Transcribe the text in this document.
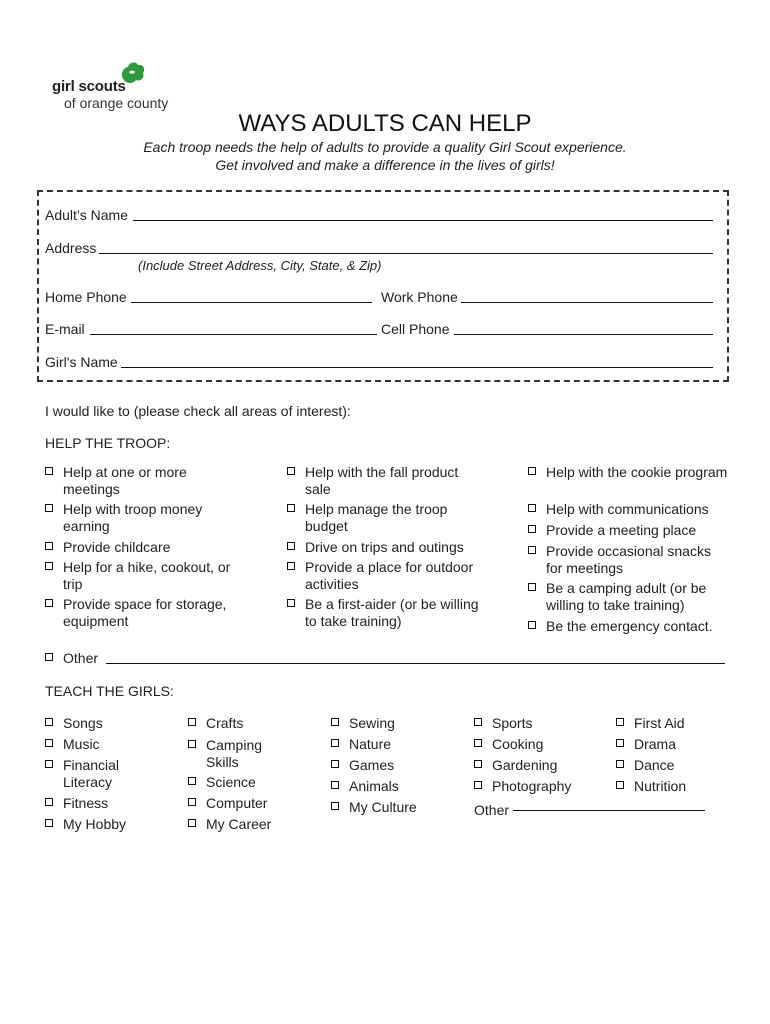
girl scouts
of orange county
WAYS ADULTS CAN HELP
Each troop needs the help of adults to provide a quality Girl Scout experience.
Get involved and make a difference in the lives of girls!
Adult’s Name
Address
(Include Street Address, City, State, & Zip)
Home Phone	Work Phone
E-mail	Cell Phone
Girl's Name
I would like to (please check all areas of interest):
HELP THE TROOP:
Help at one or more meetings
Help with troop money earning
Provide childcare
Help for a hike, cookout, or trip
Provide space for storage, equipment
Help with the fall product sale
Help manage the troop budget
Drive on trips and outings
Provide a place for outdoor activities
Be a first-aider (or be willing to take training)
Help with the cookie program
Help with communications
Provide a meeting place
Provide occasional snacks for meetings
Be a camping adult (or be willing to take training)
Be the emergency contact.
Other
TEACH THE GIRLS:
Songs
Music
Financial Literacy
Fitness
My Hobby
Crafts
Camping Skills
Science
Computer
My Career
Sewing
Nature
Games
Animals
My Culture
Sports
Cooking
Gardening
Photography
Other
First Aid
Drama
Dance
Nutrition
